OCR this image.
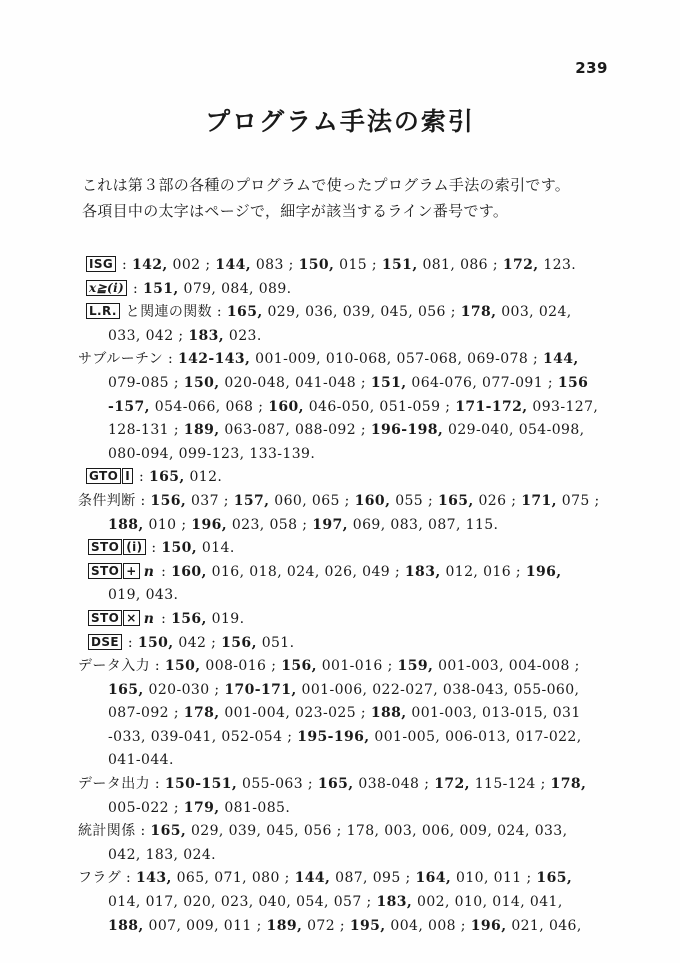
239
プログラム手法の索引

これは第３部の各種のプログラムで使ったプログラム手法の索引です。

各項目中の太字はページで，細字が該当するライン番号です。

ISG : 142, 002 ; 144, 083 ; 150, 015 ; 151, 081, 086 ; 172, 123.
x≧(i) : 151, 079, 084, 089.
L.R. と関連の関数 : 165, 029, 036, 039, 045, 056 ; 178, 003, 024,
033, 042 ; 183, 023.
サブルーチン : 142-143, 001-009, 010-068, 057-068, 069-078 ; 144,
079-085 ; 150, 020-048, 041-048 ; 151, 064-076, 077-091 ; 156
-157, 054-066, 068 ; 160, 046-050, 051-059 ; 171-172, 093-127,
128-131 ; 189, 063-087, 088-092 ; 196-198, 029-040, 054-098,
080-094, 099-123, 133-139.
GTO I : 165, 012.
条件判断 : 156, 037 ; 157, 060, 065 ; 160, 055 ; 165, 026 ; 171, 075 ;
188, 010 ; 196, 023, 058 ; 197, 069, 083, 087, 115.
STO (i) : 150, 014.
STO + n : 160, 016, 018, 024, 026, 049 ; 183, 012, 016 ; 196,
019, 043.
STO × n : 156, 019.
DSE : 150, 042 ; 156, 051.
データ入力 : 150, 008-016 ; 156, 001-016 ; 159, 001-003, 004-008 ;
165, 020-030 ; 170-171, 001-006, 022-027, 038-043, 055-060,
087-092 ; 178, 001-004, 023-025 ; 188, 001-003, 013-015, 031
-033, 039-041, 052-054 ; 195-196, 001-005, 006-013, 017-022,
041-044.
データ出力 : 150-151, 055-063 ; 165, 038-048 ; 172, 115-124 ; 178,
005-022 ; 179, 081-085.
統計関係 : 165, 029, 039, 045, 056 ; 178, 003, 006, 009, 024, 033,
042, 183, 024.
フラグ : 143, 065, 071, 080 ; 144, 087, 095 ; 164, 010, 011 ; 165,
014, 017, 020, 023, 040, 054, 057 ; 183, 002, 010, 014, 041,
188, 007, 009, 011 ; 189, 072 ; 195, 004, 008 ; 196, 021, 046,
